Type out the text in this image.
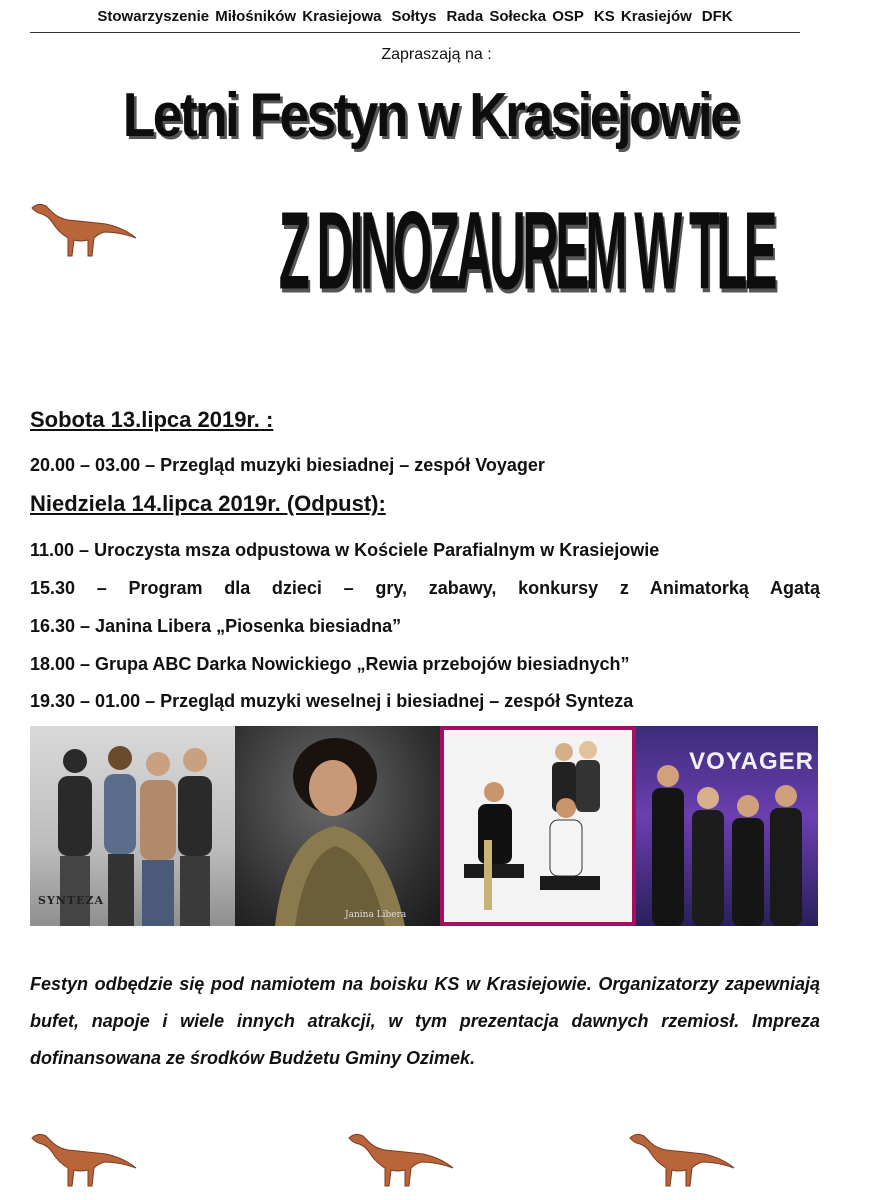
Stowarzyszenie Miłośników Krasiejowa Sołtys Rada Sołecka OSP KS Krasiejów DFK
Zapraszają na :
Letni Festyn w Krasiejowie
Z DINOZAUREM W TLE
Sobota 13.lipca 2019r. :
20.00 – 03.00 – Przegląd muzyki biesiadnej – zespół Voyager
Niedziela 14.lipca 2019r. (Odpust):
11.00 – Uroczysta msza odpustowa w Kościele Parafialnym w Krasiejowie
15.30 – Program dla dzieci – gry, zabawy, konkursy z Animatorką Agatą
16.30 – Janina Libera „Piosenka biesiadna”
18.00 – Grupa ABC Darka Nowickiego „Rewia przebojów biesiadnych”
19.30 – 01.00 – Przegląd muzyki weselnej i biesiadnej – zespół Synteza
SYNTEZA
Janina Libera
VOYAGER
Festyn odbędzie się pod namiotem na boisku KS w Krasiejowie. Organizatorzy zapewniają bufet, napoje i wiele innych atrakcji, w tym prezentacja dawnych rzemiosł. Impreza dofinansowana ze środków Budżetu Gminy Ozimek.
